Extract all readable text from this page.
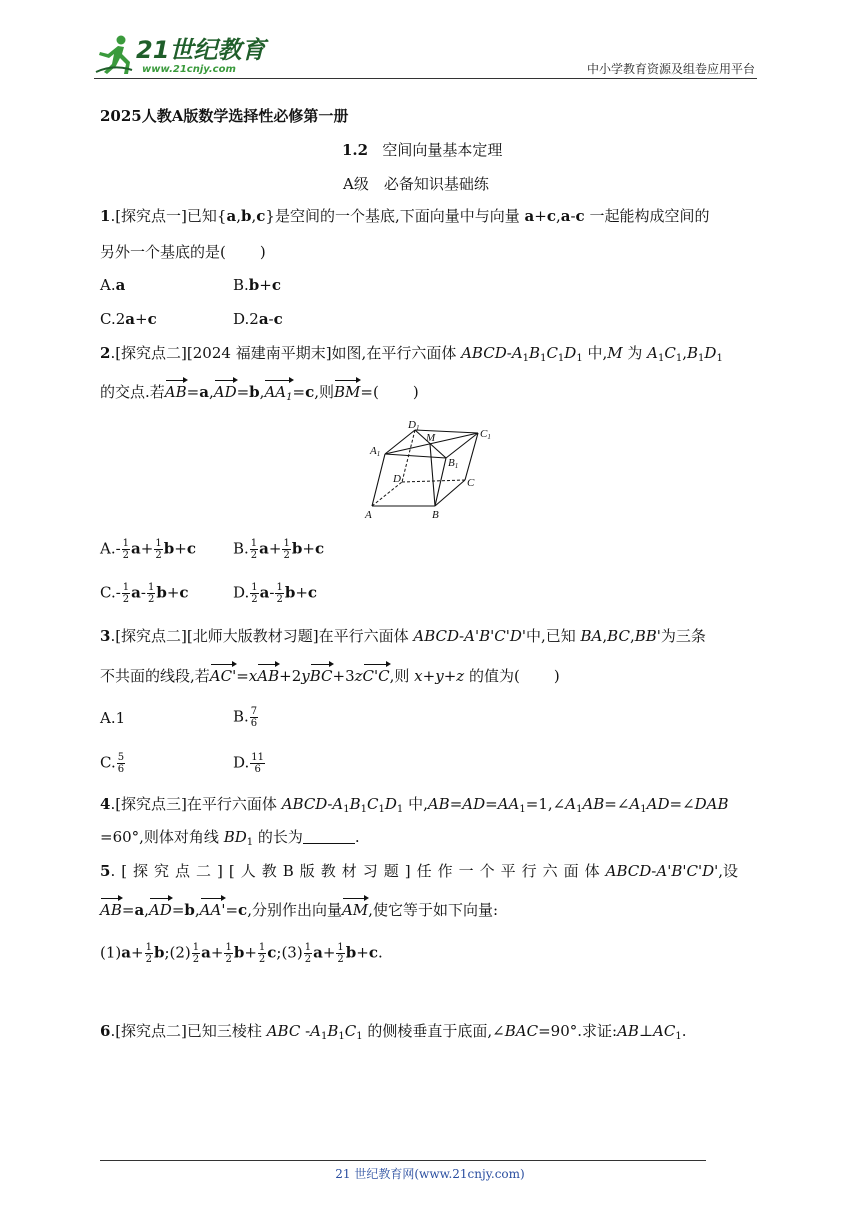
21世纪教育
www.21cnjy.com	中小学教育资源及组卷应用平台
2025人教A版数学选择性必修第一册
1.2 空间向量基本定理
A级　必备知识基础练
1.[探究点一]已知{a,b,c}是空间的一个基底,下面向量中与向量 a+c,a-c 一起能构成空间的
另外一个基底的是( )
A.a	B.b+c
C.2a+c	D.2a-c
2.[探究点二][2024 福建南平期末]如图,在平行六面体 ABCD-$A_1B_1C_1D_1$ 中,M 为 $A_1C_1,B_1D_1$
的交点.若$AB=a,AD=b,AA_1=c$,则BM=( )
D1
M	C1
A1
B1
D	C
A	B
$A.- \frac{1}{2} a+ \frac{1}{2} b+c$ B. $\frac{1}{2} a+ \frac{1}{2} b+c$
$C.- \frac{1}{2} a- \frac{1}{2} b+c$	D. $\frac{1}{2} a- \frac{1}{2} b+c$
3.[探究点二][北师大版教材习题]在平行六面体 ABCD-A'B'C'D'中,已知 BA,BC,BB'为三条
不共面的线段,若AC'=xAB+2yBC+3zC'C,则 x+y+z 的值为( )
A.1	B. $\frac{7}{6}$
C. $\frac{5}{6}$	D. $\frac{11}{6}$
4.[探究点三]在平行六面体 ABCD-$A_1B_1C_1D_1$ 中$,AB=AD=AA_1=1,\angle A_1AB=\angle A_1AD=\angle DAB$
=60°,则体对角线 $BD_1$ 的长为	.
5.[探究点二][人教B版教材习题]任作一个平行六面体ABCD-A'B'C'D',设
AB=a,AD=b,AA'=c,分别作出向量AM,使它等于如下向量:
$(1)a+ \frac{1}{2}$ b;(2) $\frac{1}{2} a+ \frac{1}{2} b+ \frac{1}{2}$ c;(3) $\frac{1}{2} a+ \frac{1}{2} b+c$.
6.[探究点二]已知三棱柱 ABC $-A_1B_1C_1$ 的侧棱垂直于底面,∠BAC=90°.求证$:AB\perp AC_1$.
21 世纪教育网(www.21cnjy.com)
